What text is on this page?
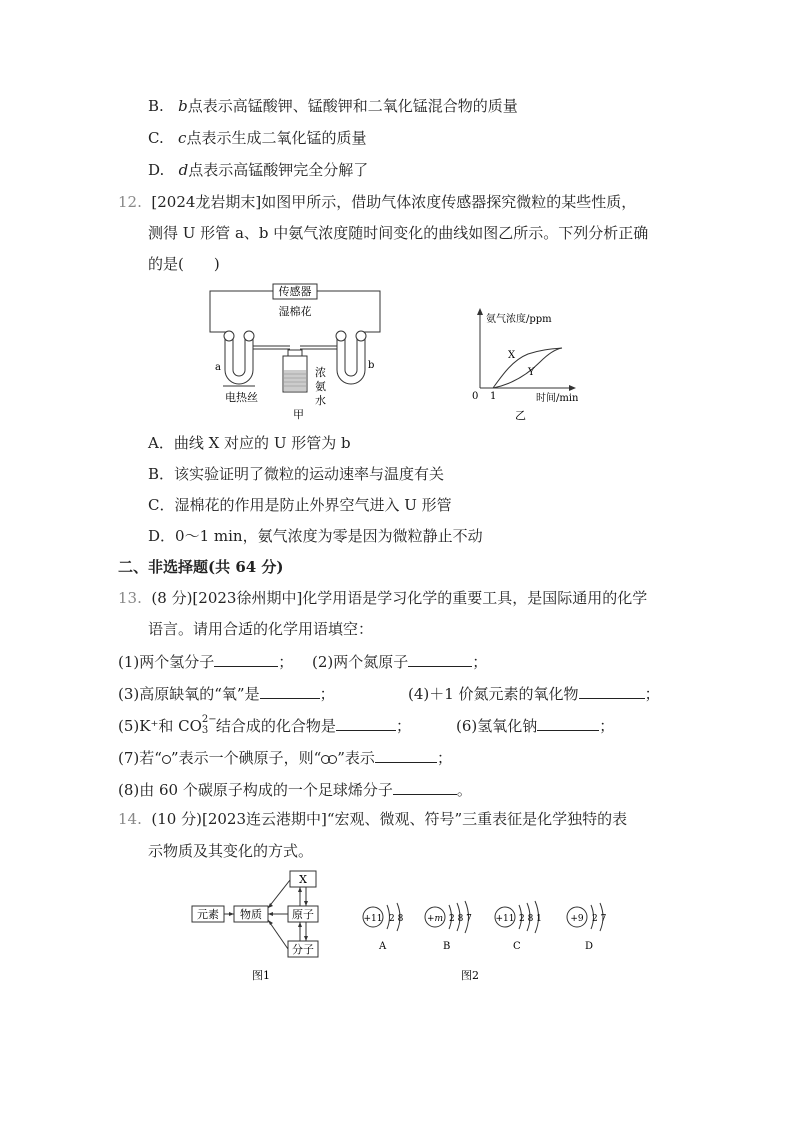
B. b点表示高锰酸钾、锰酸钾和二氧化锰混合物的质量
C. c点表示生成二氧化锰的质量
D. d点表示高锰酸钾完全分解了
12. [2024龙岩期末]如图甲所示，借助气体浓度传感器探究微粒的某些性质，
测得 U 形管 a、b 中氨气浓度随时间变化的曲线如图乙所示。下列分析正确
的是(　　)
传感器
湿棉花
a	b
电热丝
浓
氨
水
甲
氨气浓度/ppm
0 1	时间/min
X
Y
乙
A．曲线 X 对应的 U 形管为 b
B．该实验证明了微粒的运动速率与温度有关
C．湿棉花的作用是防止外界空气进入 U 形管
D．0～1 min，氨气浓度为零是因为微粒静止不动
二、非选择题(共 64 分)
13. (8 分)[2023徐州期中]化学用语是学习化学的重要工具，是国际通用的化学
语言。请用合适的化学用语填空：
(1)两个氢分子	； (2)两个氮原子	；
(3)高原缺氧的“氧”是	；	(4)＋1 价氮元素的氧化物	；
(5)K⁺和 CO 2−
3 结合成的化合物是	；	(6)氢氧化钠	；
(7)若“ ”表示一个碘原子，则“ ”表示	；
(8)由 60 个碳原子构成的一个足球烯分子	。
14. (10 分)[2023连云港期中]“宏观、微观、符号”三重表征是化学独特的表
示物质及其变化的方式。
元素 物质
X
原子
分子
图1
+11 2 8
A
+m 2 8 7
B
+11 2 8 1
C
+9 2 7
D
图2
